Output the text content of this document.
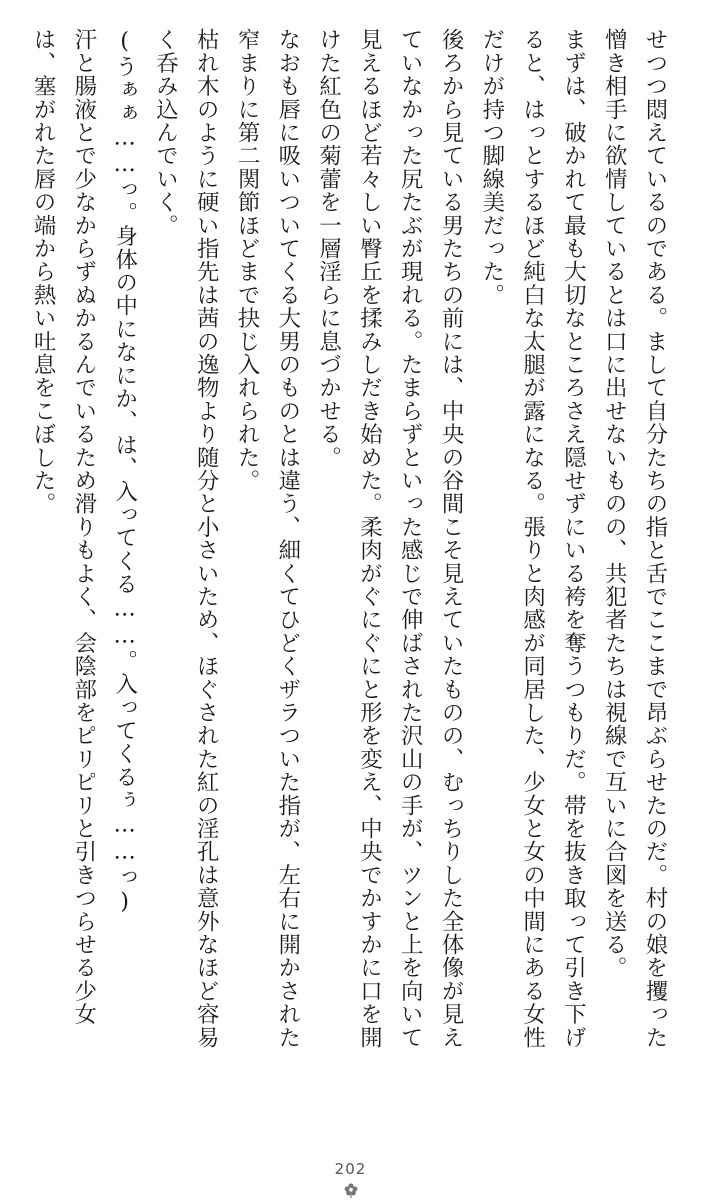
せつつ悶えているのである。まして自分たちの指と舌でここまで昂ぶらせたのだ。村の娘を攫った憎き相手に欲情しているとは口に出せないものの、共犯者たちは視線で互いに合図を送る。

まずは、破かれて最も大切なところさえ隠せずにいる袴を奪うつもりだ。帯を抜き取って引き下げると、はっとするほど純白な太腿が露になる。張りと肉感が同居した、少女と女の中間にある女性だけが持つ脚線美だった。

後ろから見ている男たちの前には、中央の谷間こそ見えていたものの、むっちりした全体像が見えていなかった尻たぶが現れる。たまらずといった感じで伸ばされた沢山の手が、ツンと上を向いて見えるほど若々しい臀丘を揉みしだき始めた。柔肉がぐにぐにと形を変え、中央でかすかに口を開けた紅色の菊蕾を一層淫らに息づかせる。

なおも唇に吸いついてくる大男のものとは違う、細くてひどくザラついた指が、左右に開かされた窄まりに第二関節ほどまで抉じ入れられた。

枯れ木のように硬い指先は茜の逸物より随分と小さいため、ほぐされた紅の淫孔は意外なほど容易く呑み込んでいく。

(うぁぁ……っ。身体の中になにか、は、入ってくる……。入ってくるぅ……っ)

汗と腸液とで少なからずぬかるんでいるため滑りもよく、会陰部をピリピリと引きつらせる少女は、塞がれた唇の端から熱い吐息をこぼした。

202
